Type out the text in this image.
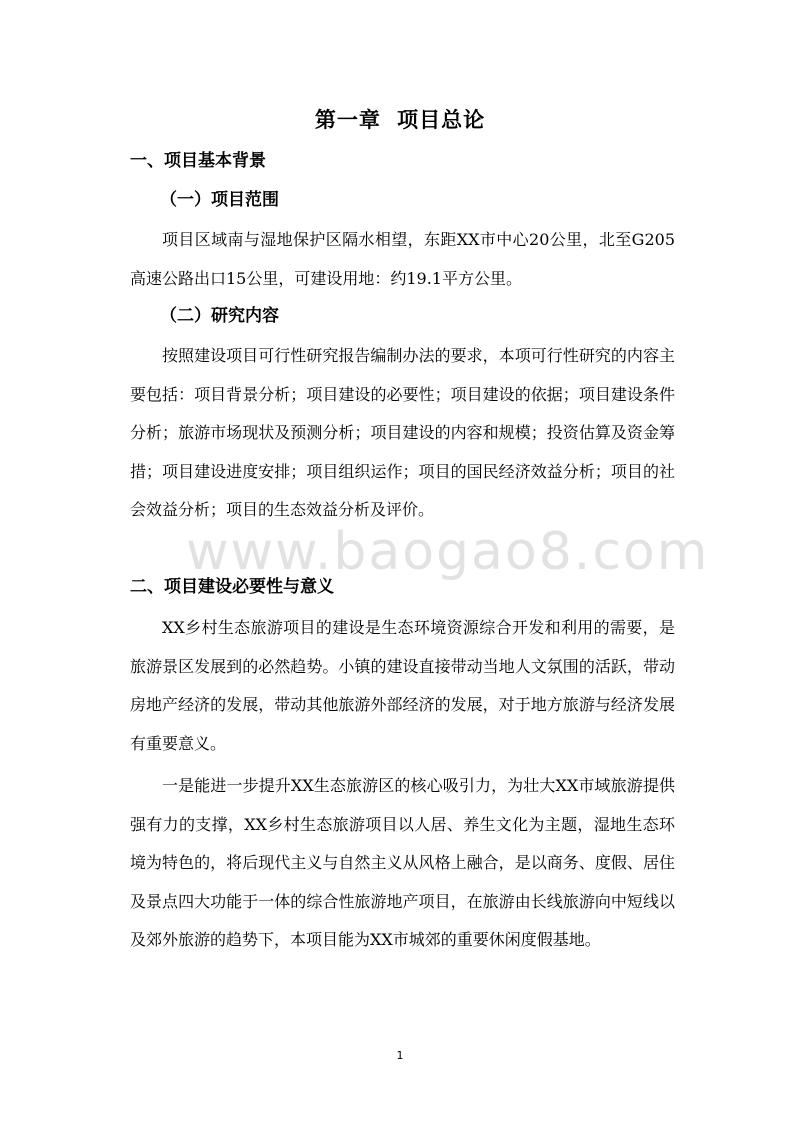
第一章 项目总论
一、项目基本背景
（一）项目范围

项目区域南与湿地保护区隔水相望，东距XX市中心20公里，北至G205高速公路出口15公里，可建设用地：约19.1平方公里。

（二）研究内容

按照建设项目可行性研究报告编制办法的要求，本项可行性研究的内容主要包括：项目背景分析；项目建设的必要性；项目建设的依据；项目建设条件分析；旅游市场现状及预测分析；项目建设的内容和规模；投资估算及资金筹措；项目建设进度安排；项目组织运作；项目的国民经济效益分析；项目的社会效益分析；项目的生态效益分析及评价。

二、项目建设必要性与意义

XX乡村生态旅游项目的建设是生态环境资源综合开发和利用的需要，是旅游景区发展到的必然趋势。小镇的建设直接带动当地人文氛围的活跃，带动房地产经济的发展，带动其他旅游外部经济的发展，对于地方旅游与经济发展有重要意义。

一是能进一步提升XX生态旅游区的核心吸引力，为壮大XX市域旅游提供强有力的支撑，XX乡村生态旅游项目以人居、养生文化为主题，湿地生态环境为特色的，将后现代主义与自然主义从风格上融合，是以商务、度假、居住及景点四大功能于一体的综合性旅游地产项目，在旅游由长线旅游向中短线以及郊外旅游的趋势下，本项目能为XX市城郊的重要休闲度假基地。

www.baogao8.com
1
